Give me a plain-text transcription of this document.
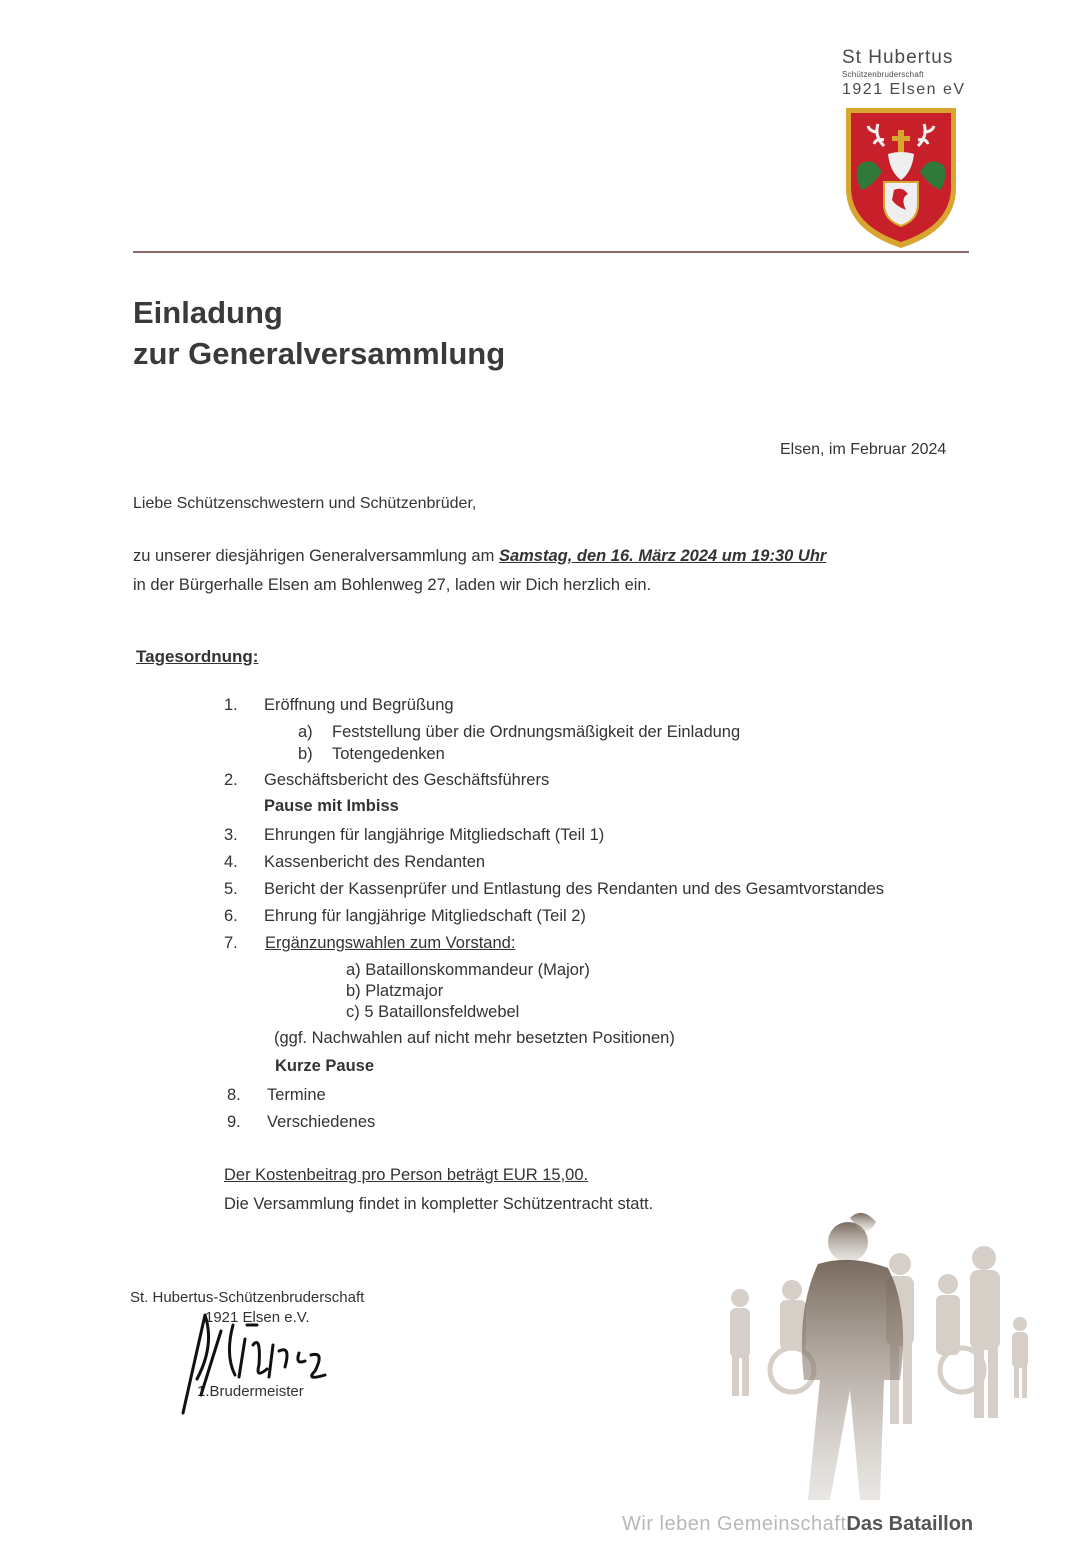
St Hubertus
Schützenbruderschaft
1921 Elsen eV
Einladung
zur Generalversammlung
Elsen, im Februar 2024
Liebe Schützenschwestern und Schützenbrüder,
zu unserer diesjährigen Generalversammlung am Samstag, den 16. März 2024 um 19:30 Uhr
in der Bürgerhalle Elsen am Bohlenweg 27, laden wir Dich herzlich ein.
Tagesordnung:
1.	Eröffnung und Begrüßung
a)	Feststellung über die Ordnungsmäßigkeit der Einladung
b)	Totengedenken
2.	Geschäftsbericht des Geschäftsführers
Pause mit Imbiss
3.	Ehrungen für langjährige Mitgliedschaft (Teil 1)
4.	Kassenbericht des Rendanten
5.	Bericht der Kassenprüfer und Entlastung des Rendanten und des Gesamtvorstandes
6.	Ehrung für langjährige Mitgliedschaft (Teil 2)
7.	Ergänzungswahlen zum Vorstand:
a) Bataillonskommandeur (Major)
b) Platzmajor
c) 5 Bataillonsfeldwebel
(ggf. Nachwahlen auf nicht mehr besetzten Positionen)
Kurze Pause
8.	Termine
9.	Verschiedenes
Der Kostenbeitrag pro Person beträgt EUR 15,00.
Die Versammlung findet in kompletter Schützentracht statt.
St. Hubertus-Schützenbruderschaft
1921 Elsen e.V.
1.Brudermeister
Wir leben GemeinschaftDas Bataillon
